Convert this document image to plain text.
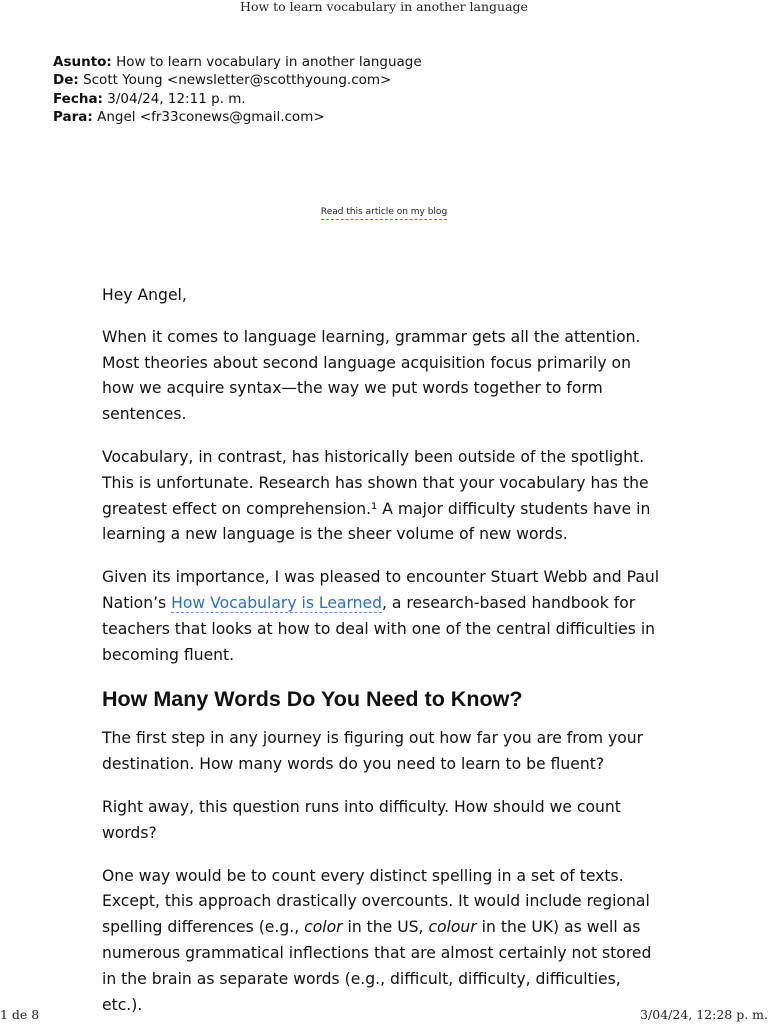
How to learn vocabulary in another language
Asunto: How to learn vocabulary in another language
De: Scott Young <newsletter@scotthyoung.com>
Fecha: 3/04/24, 12:11 p. m.
Para: Angel <fr33conews@gmail.com>
Read this article on my blog

Hey Angel,

When it comes to language learning, grammar gets all the attention. Most theories about second language acquisition focus primarily on how we acquire syntax—the way we put words together to form sentences.

Vocabulary, in contrast, has historically been outside of the spotlight. This is unfortunate. Research has shown that your vocabulary has the greatest effect on comprehension.¹ A major difficulty students have in learning a new language is the sheer volume of new words.

Given its importance, I was pleased to encounter Stuart Webb and Paul Nation’s How Vocabulary is Learned, a research-based handbook for teachers that looks at how to deal with one of the central difficulties in becoming fluent.

How Many Words Do You Need to Know?

The first step in any journey is figuring out how far you are from your destination. How many words do you need to learn to be fluent?

Right away, this question runs into difficulty. How should we count words?

One way would be to count every distinct spelling in a set of texts. Except, this approach drastically overcounts. It would include regional spelling differences (e.g., color in the US, colour in the UK) as well as numerous grammatical inflections that are almost certainly not stored in the brain as separate words (e.g., difficult, difficulty, difficulties, etc.).

1 de 8	3/04/24, 12:28 p. m.
